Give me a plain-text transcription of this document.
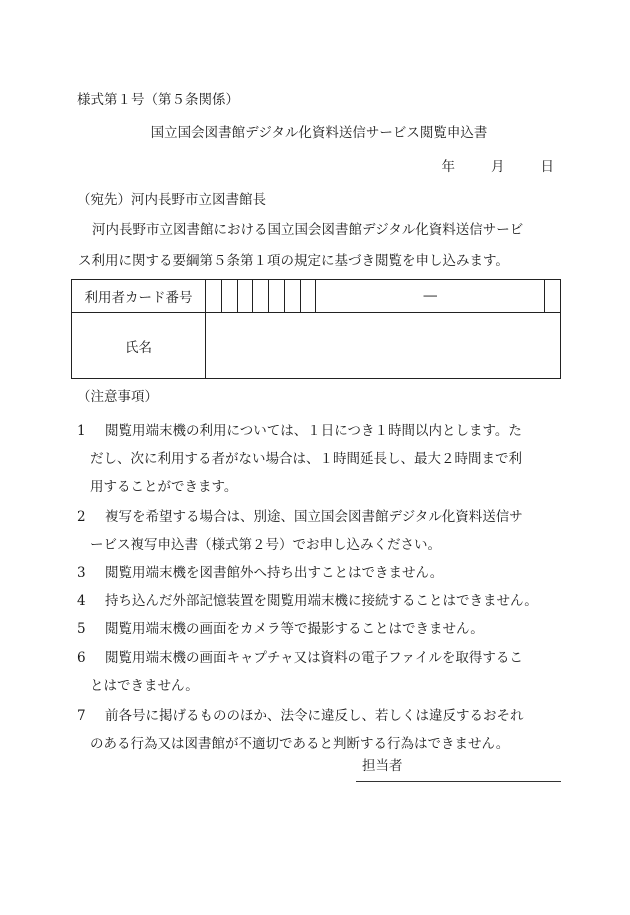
様式第１号（第５条関係）
国立国会図書館デジタル化資料送信サービス閲覧申込書
年	月	日
（宛先）河内長野市立図書館長
河内長野市立図書館における国立国会図書館デジタル化資料送信サービ
ス利用に関する要綱第５条第１項の規定に基づき閲覧を申し込みます。
利用者カード番号								―	
氏名									
（注意事項）
1 閲覧用端末機の利用については、１日につき１時間以内とします。た
だし、次に利用する者がない場合は、１時間延長し、最大２時間まで利
用することができます。
2 複写を希望する場合は、別途、国立国会図書館デジタル化資料送信サ
ービス複写申込書（様式第２号）でお申し込みください。
3 閲覧用端末機を図書館外へ持ち出すことはできません。
4 持ち込んだ外部記憶装置を閲覧用端末機に接続することはできません。
5 閲覧用端末機の画面をカメラ等で撮影することはできません。
6 閲覧用端末機の画面キャプチャ又は資料の電子ファイルを取得するこ
とはできません。
7 前各号に掲げるもののほか、法令に違反し、若しくは違反するおそれ
のある行為又は図書館が不適切であると判断する行為はできません。
担当者
